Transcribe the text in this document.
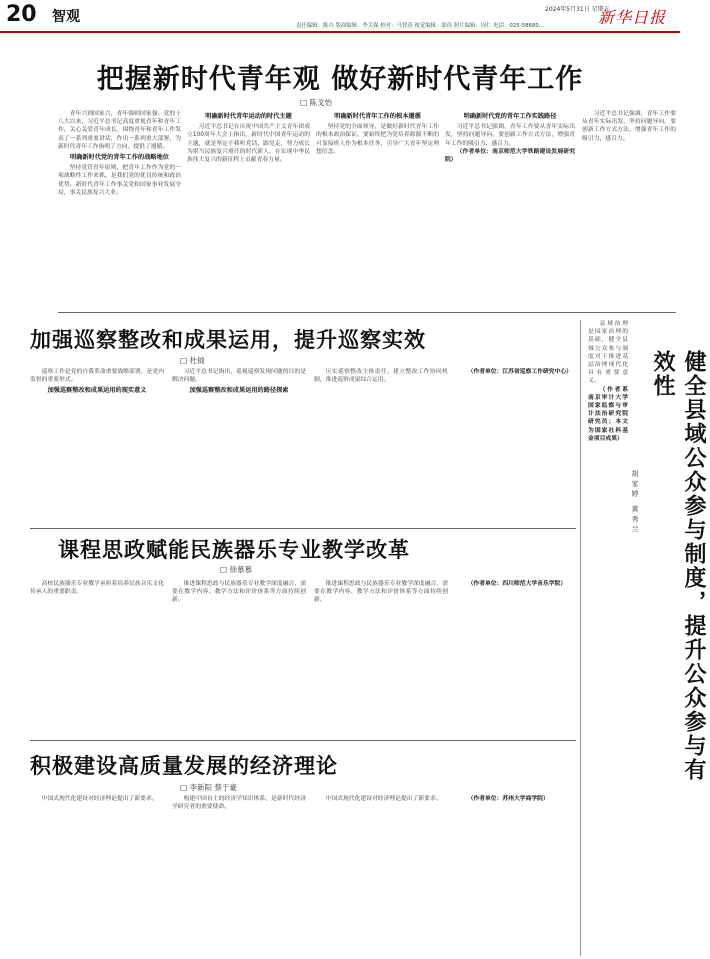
20 智观	2024年5月31日 星期五
新华日报
责任编辑：陈卉 版面编辑：李关保 校对：马智涛 视觉编辑：邵伟 照片编辑：周仁 电话：025-58680...
把握新时代青年观 做好新时代青年工作
□ 陈戈怡

青年兴则国家兴，青年强则国家强。党的十八大以来，习近平总书记高度重视青年和青年工作，关心关爱青年成长，围绕青年和青年工作发表了一系列重要讲话，作出一系列重大部署，为新时代青年工作指明了方向、提供了遵循。

明确新时代党的青年工作的战略地位

坚持党管青年原则，把青年工作作为党的一项战略性工作来抓，是我们党的优良传统和政治优势。新时代青年工作事关党和国家事业发展全局，事关民族复兴大业。

明确新时代青年运动的时代主题

习近平总书记在庆祝中国共产主义青年团成立100周年大会上指出，新时代中国青年运动的主题，就是坚定不移听党话、跟党走，努力成长为堪当民族复兴重任的时代新人，在实现中华民族伟大复兴的新征程上贡献青春力量。

明确新时代青年工作的根本遵循

坚持党的全面领导，是做好新时代青年工作的根本政治保证。要始终把为党培养源源不断的可靠接班人作为根本任务，引导广大青年坚定理想信念。

明确新时代党的青年工作实践路径

习近平总书记强调，青年工作要从青年实际出发，坚持问题导向。要创新工作方式方法，增强青年工作的吸引力、感召力。

（作者单位：南京师范大学铁路建设发展研究院）

习近平总书记强调，青年工作要从青年实际出发，坚持问题导向。要创新工作方式方法，增强青年工作的吸引力、感召力。

加强巡察整改和成果运用，提升巡察实效
□ 杜钺

巡察工作是党的自我革命重要战略部署，是党内监督的重要形式。

加强巡察整改和成果运用的现实意义

习近平总书记指出，巡视巡察发现问题的目的是解决问题。

加强巡察整改和成果运用的路径探索

压实巡察整改主体责任，建立整改工作协同机制，推进巡察成果综合运用。

（作者单位：江苏省巡察工作研究中心）

课程思政赋能民族器乐专业教学改革
□ 徐慕慕

高校民族器乐专业教学承担着培养民族音乐文化传承人的重要职责。

推进课程思政与民族器乐专业教学深度融合，需要在教学内容、教学方法和评价体系等方面持续创新。

推进课程思政与民族器乐专业教学深度融合，需要在教学内容、教学方法和评价体系等方面持续创新。

（作者单位：四川师范大学音乐学院）

积极建设高质量发展的经济理论
□ 李新阳 蔡于豪

中国式现代化建设对经济理论提出了新要求。	构建中国自主的经济学知识体系，是新时代经济学研究者的重要使命。

中国式现代化建设对经济理论提出了新要求。	（作者单位：苏州大学商学院）

健全县域公众参与制度，提升公众参与有效性
胡家婷 黄秀兰

县域治理是国家治理的基础，健全县域公众参与制度对于推进基层治理现代化具有重要意义。

（作者系南京审计大学国家监察与审计法治研究院研究员；本文为国家社科基金项目成果）
